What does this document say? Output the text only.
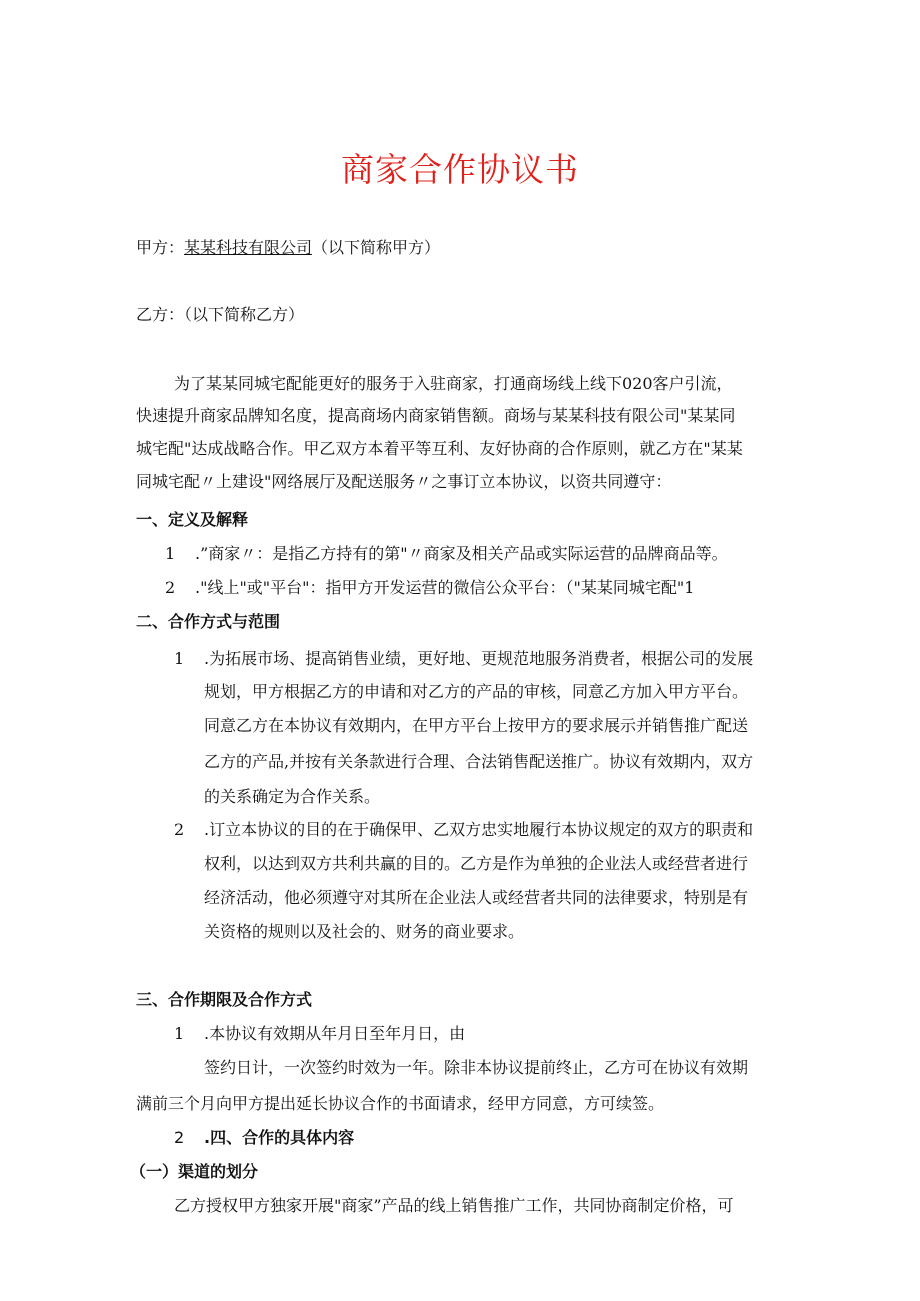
商家合作协议书
甲方：某某科技有限公司（以下简称甲方）
乙方：（以下简称乙方）
为了某某同城宅配能更好的服务于入驻商家，打通商场线上线下020客户引流，
快速提升商家品牌知名度，提高商场内商家销售额。商场与某某科技有限公司"某某同
城宅配"达成战略合作。甲乙双方本着平等互利、友好协商的合作原则，就乙方在"某某
同城宅配〃上建设"网络展厅及配送服务〃之事订立本协议，以资共同遵守：
一、定义及解释
1 .”商家〃：是指乙方持有的第"〃商家及相关产品或实际运营的品牌商品等。
2 ."线上"或"平台"：指甲方开发运营的微信公众平台：（"某某同城宅配"1
二、合作方式与范围
1 .为拓展市场、提高销售业绩，更好地、更规范地服务消费者，根据公司的发展
规划，甲方根据乙方的申请和对乙方的产品的审核，同意乙方加入甲方平台。
同意乙方在本协议有效期内，在甲方平台上按甲方的要求展示并销售推广配送
乙方的产品,并按有关条款进行合理、合法销售配送推广。协议有效期内，双方
的关系确定为合作关系。
2 .订立本协议的目的在于确保甲、乙双方忠实地履行本协议规定的双方的职责和
权利，以达到双方共利共赢的目的。乙方是作为单独的企业法人或经营者进行
经济活动，他必须遵守对其所在企业法人或经营者共同的法律要求，特别是有
关资格的规则以及社会的、财务的商业要求。
三、合作期限及合作方式
1 .本协议有效期从年月日至年月日，由
签约日计，一次签约时效为一年。除非本协议提前终止，乙方可在协议有效期
满前三个月向甲方提出延长协议合作的书面请求，经甲方同意，方可续签。
2 .四、合作的具体内容
（一）渠道的划分
乙方授权甲方独家开展"商家”产品的线上销售推广工作，共同协商制定价格，可
